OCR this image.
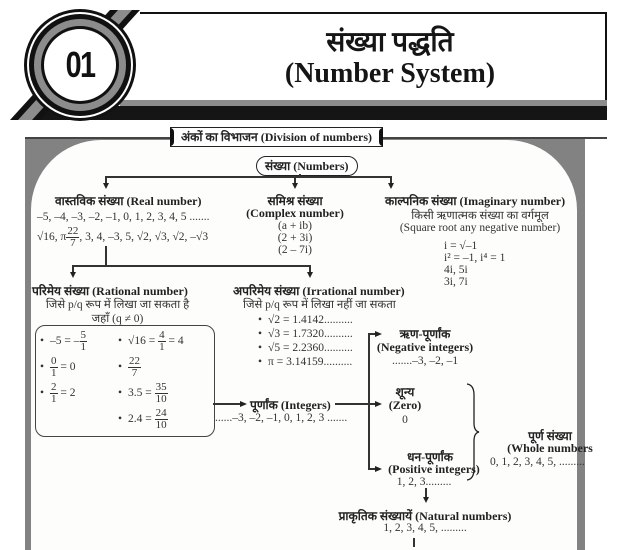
01
संख्या पद्धति
(Number System)
अंकों का विभाजन (Division of numbers)
संख्या (Numbers)
वास्तविक संख्या (Real number)
–5, –4, –3, –2, –1, 0, 1, 2, 3, 4, 5 .......
√16, π $\frac{22}{7}$ , 3, 4, –3, 5, √2, √3, √2, –√3
समिश्र संख्या
(Complex number)
(a + ib)
(2 + 3i)
(2 – 7i)
काल्पनिक संख्या (Imaginary number)
किसी ऋणात्मक संख्या का वर्गमूल
(Square root any negative number)
i = √–1
i² = –1, i⁴ = 1
4i, 5i
3i, 7i
परिमेय संख्या (Rational number)
जिसे p/q रूप में लिखा जा सकता है
जहाँ (q ≠ 0)
• –5 = – $\frac{5}{1}$
• $\frac{0}{1} = 0$
• $\frac{2}{1} = 2$
• $√16 = \frac{4}{1} = 4$
• $\frac{22}{7}$
• $3.5 = \frac{35}{10}$
• $2.4 = \frac{24}{10}$
अपरिमेय संख्या (Irrational number)
जिसे p/q रूप में लिखा नहीं जा सकता
• √2 = 1.4142..........
• √3 = 1.7320..........
• √5 = 2.2360..........
• π = 3.14159..........
पूर्णांक (Integers)
......–3, –2, –1, 0, 1, 2, 3 .......
ऋण-पूर्णांक
(Negative integers)
.......–3, –2, –1
शून्य
(Zero)
0
धन-पूर्णांक
(Positive integers)
1, 2, 3.........
पूर्ण संख्या
(Whole numbers
0, 1, 2, 3, 4, 5, .........
प्राकृतिक संख्यायें (Natural numbers)
1, 2, 3, 4, 5, .........
